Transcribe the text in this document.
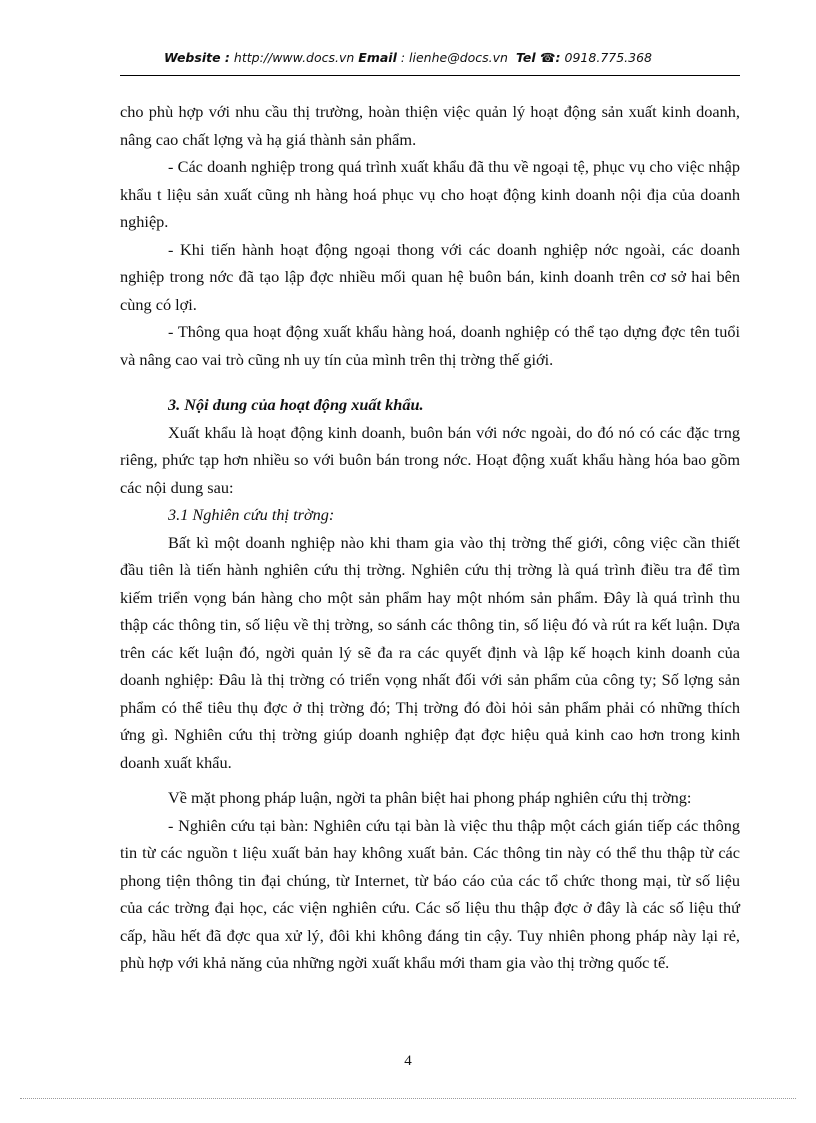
Website : http://www.docs.vn Email : lienhe@docs.vn Tel ☎: 0918.775.368

cho phù hợp với nhu cầu thị trường, hoàn thiện việc quản lý hoạt động sản xuất kinh doanh, nâng cao chất lợng và hạ giá thành sản phẩm.

- Các doanh nghiệp trong quá trình xuất khẩu đã thu về ngoại tệ, phục vụ cho việc nhập khẩu t liệu sản xuất cũng nh hàng hoá phục vụ cho hoạt động kinh doanh nội địa của doanh nghiệp.

- Khi tiến hành hoạt động ngoại thong với các doanh nghiệp nớc ngoài, các doanh nghiệp trong nớc đã tạo lập đợc nhiều mối quan hệ buôn bán, kinh doanh trên cơ sở hai bên cùng có lợi.

- Thông qua hoạt động xuất khẩu hàng hoá, doanh nghiệp có thể tạo dựng đợc tên tuổi và nâng cao vai trò cũng nh uy tín của mình trên thị trờng thế giới.

3. Nội dung của hoạt động xuất khẩu.

Xuất khẩu là hoạt động kinh doanh, buôn bán với nớc ngoài, do đó nó có các đặc trng riêng, phức tạp hơn nhiều so với buôn bán trong nớc. Hoạt động xuất khẩu hàng hóa bao gồm các nội dung sau:

3.1 Nghiên cứu thị trờng:

Bất kì một doanh nghiệp nào khi tham gia vào thị trờng thế giới, công việc cần thiết đầu tiên là tiến hành nghiên cứu thị trờng. Nghiên cứu thị trờng là quá trình điều tra để tìm kiếm triển vọng bán hàng cho một sản phẩm hay một nhóm sản phẩm. Đây là quá trình thu thập các thông tin, số liệu về thị trờng, so sánh các thông tin, số liệu đó và rút ra kết luận. Dựa trên các kết luận đó, ngời quản lý sẽ đa ra các quyết định và lập kế hoạch kinh doanh của doanh nghiệp: Đâu là thị trờng có triển vọng nhất đối với sản phẩm của công ty; Số lợng sản phẩm có thể tiêu thụ đợc ở thị trờng đó; Thị trờng đó đòi hỏi sản phẩm phải có những thích ứng gì. Nghiên cứu thị trờng giúp doanh nghiệp đạt đợc hiệu quả kinh cao hơn trong kinh doanh xuất khẩu.

Về mặt phong pháp luận, ngời ta phân biệt hai phong pháp nghiên cứu thị trờng:

- Nghiên cứu tại bàn: Nghiên cứu tại bàn là việc thu thập một cách gián tiếp các thông tin từ các nguồn t liệu xuất bản hay không xuất bản. Các thông tin này có thể thu thập từ các phong tiện thông tin đại chúng, từ Internet, từ báo cáo của các tổ chức thong mại, từ số liệu của các trờng đại học, các viện nghiên cứu. Các số liệu thu thập đợc ở đây là các số liệu thứ cấp, hầu hết đã đợc qua xử lý, đôi khi không đáng tin cậy. Tuy nhiên phong pháp này lại rẻ, phù hợp với khả năng của những ngời xuất khẩu mới tham gia vào thị trờng quốc tế.

4
